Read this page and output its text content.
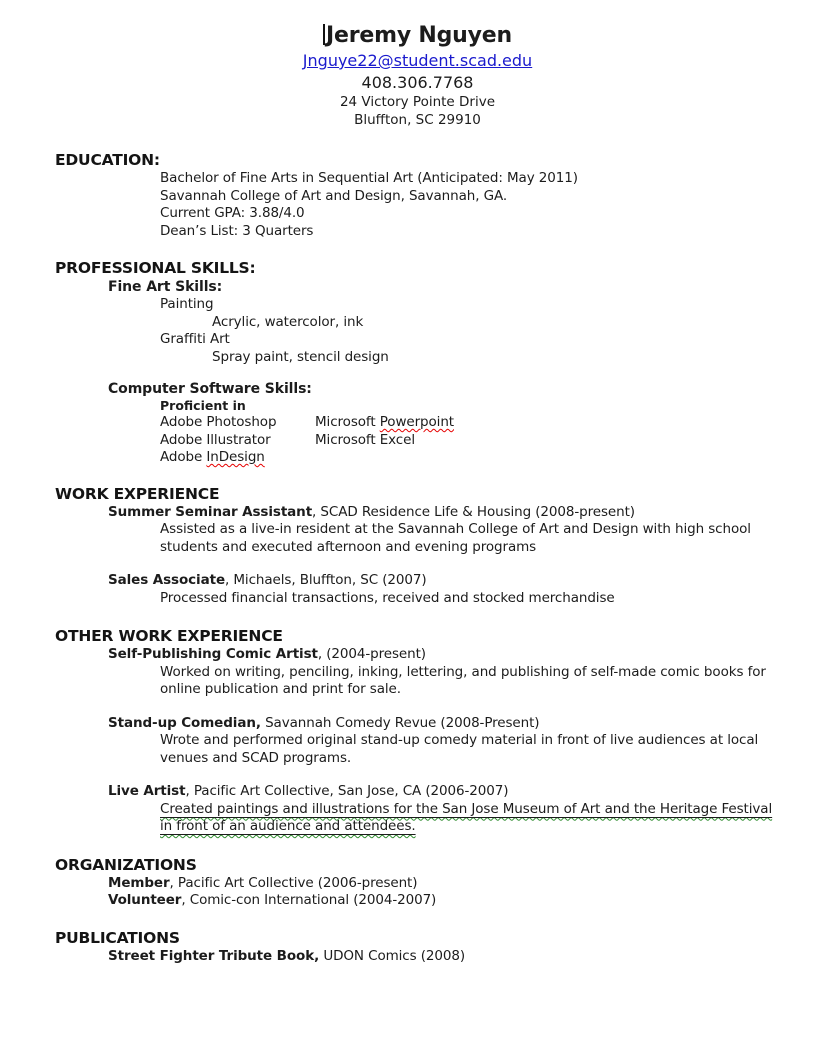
Jeremy Nguyen
Jnguye22@student.scad.edu
408.306.7768
24 Victory Pointe Drive
Bluffton, SC 29910
EDUCATION:
Bachelor of Fine Arts in Sequential Art (Anticipated: May 2011)
Savannah College of Art and Design, Savannah, GA.
Current GPA: 3.88/4.0
Dean’s List: 3 Quarters
PROFESSIONAL SKILLS:
Fine Art Skills:
Painting
Acrylic, watercolor, ink
Graffiti Art
Spray paint, stencil design
Computer Software Skills:
Proficient in
Adobe Photoshop
Adobe Illustrator
Adobe InDesign
Microsoft Powerpoint
Microsoft Excel
WORK EXPERIENCE
Summer Seminar Assistant, SCAD Residence Life & Housing (2008-present)
Assisted as a live-in resident at the Savannah College of Art and Design with high school students and executed afternoon and evening programs
Sales Associate, Michaels, Bluffton, SC (2007)
Processed financial transactions, received and stocked merchandise
OTHER WORK EXPERIENCE
Self-Publishing Comic Artist, (2004-present)
Worked on writing, penciling, inking, lettering, and publishing of self-made comic books for online publication and print for sale.
Stand-up Comedian, Savannah Comedy Revue (2008-Present)
Wrote and performed original stand-up comedy material in front of live audiences at local venues and SCAD programs.
Live Artist, Pacific Art Collective, San Jose, CA (2006-2007)
Created paintings and illustrations for the San Jose Museum of Art and the Heritage Festival in front of an audience and attendees.
ORGANIZATIONS
Member, Pacific Art Collective (2006-present)
Volunteer, Comic-con International (2004-2007)
PUBLICATIONS
Street Fighter Tribute Book, UDON Comics (2008)
